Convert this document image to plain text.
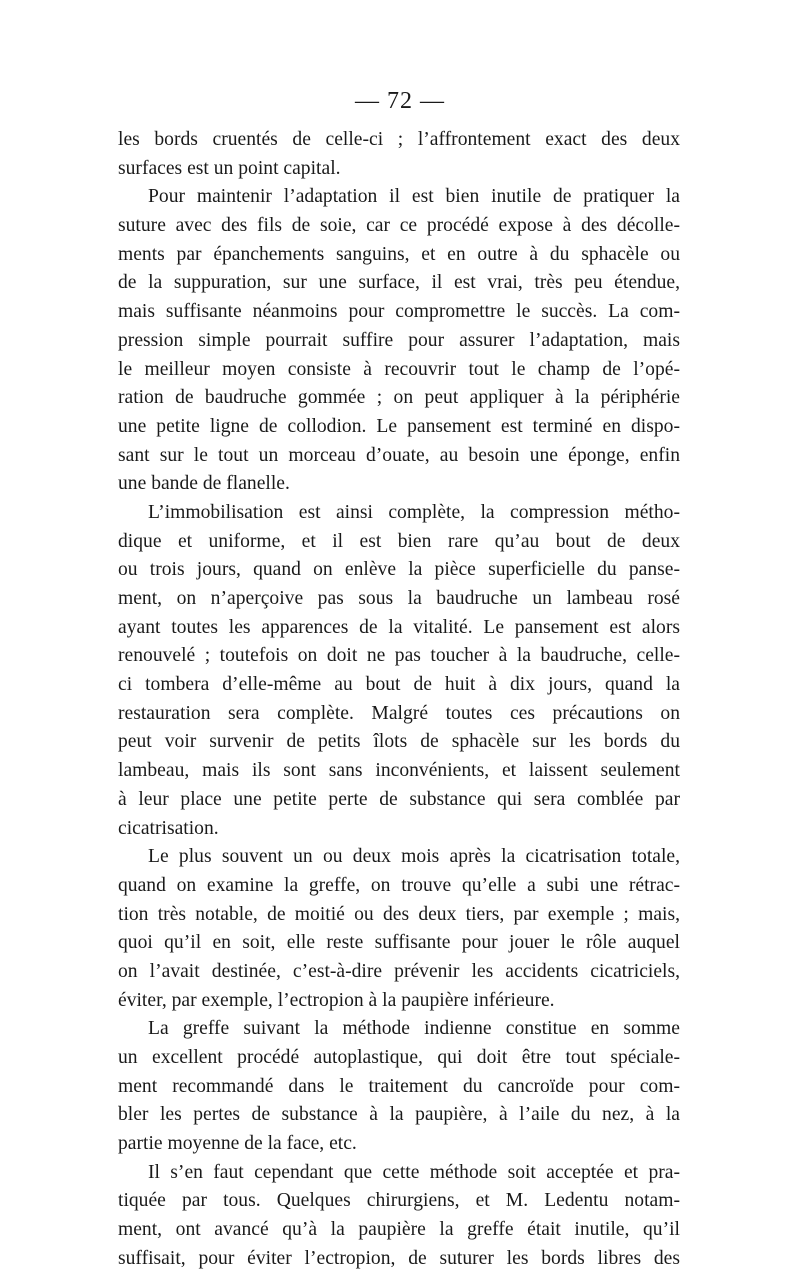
— 72 —
les bords cruentés de celle-ci ; l’affrontement exact des deux
surfaces est un point capital.
Pour maintenir l’adaptation il est bien inutile de pratiquer la
suture avec des fils de soie, car ce procédé expose à des décolle-
ments par épanchements sanguins, et en outre à du sphacèle ou
de la suppuration, sur une surface, il est vrai, très peu étendue,
mais suffisante néanmoins pour compromettre le succès. La com-
pression simple pourrait suffire pour assurer l’adaptation, mais
le meilleur moyen consiste à recouvrir tout le champ de l’opé-
ration de baudruche gommée ; on peut appliquer à la périphérie
une petite ligne de collodion. Le pansement est terminé en dispo-
sant sur le tout un morceau d’ouate, au besoin une éponge, enfin
une bande de flanelle.
L’immobilisation est ainsi complète, la compression métho-
dique et uniforme, et il est bien rare qu’au bout de deux
ou trois jours, quand on enlève la pièce superficielle du panse-
ment, on n’aperçoive pas sous la baudruche un lambeau rosé
ayant toutes les apparences de la vitalité. Le pansement est alors
renouvelé ; toutefois on doit ne pas toucher à la baudruche, celle-
ci tombera d’elle-même au bout de huit à dix jours, quand la
restauration sera complète. Malgré toutes ces précautions on
peut voir survenir de petits îlots de sphacèle sur les bords du
lambeau, mais ils sont sans inconvénients, et laissent seulement
à leur place une petite perte de substance qui sera comblée par
cicatrisation.
Le plus souvent un ou deux mois après la cicatrisation totale,
quand on examine la greffe, on trouve qu’elle a subi une rétrac-
tion très notable, de moitié ou des deux tiers, par exemple ; mais,
quoi qu’il en soit, elle reste suffisante pour jouer le rôle auquel
on l’avait destinée, c’est-à-dire prévenir les accidents cicatriciels,
éviter, par exemple, l’ectropion à la paupière inférieure.
La greffe suivant la méthode indienne constitue en somme
un excellent procédé autoplastique, qui doit être tout spéciale-
ment recommandé dans le traitement du cancroïde pour com-
bler les pertes de substance à la paupière, à l’aile du nez, à la
partie moyenne de la face, etc.
Il s’en faut cependant que cette méthode soit acceptée et pra-
tiquée par tous. Quelques chirurgiens, et M. Ledentu notam-
ment, ont avancé qu’à la paupière la greffe était inutile, qu’il
suffisait, pour éviter l’ectropion, de suturer les bords libres des
